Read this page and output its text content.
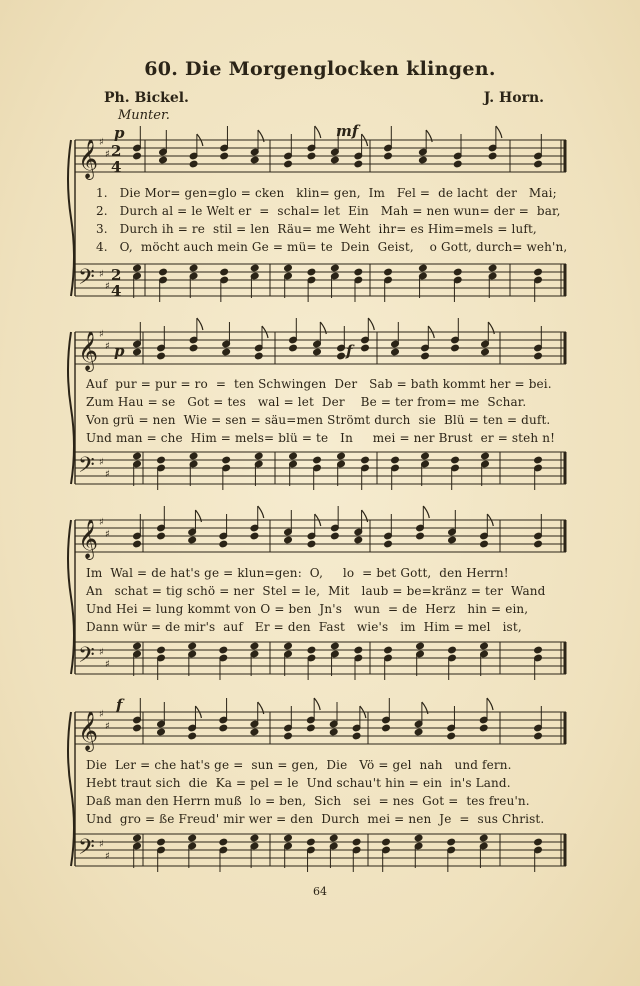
60. Die Morgenglocken klingen.
Ph. Bickel.	J. Horn.
Munter.
p	mf
p	f
f
1.   Die Mor= gen=glo = cken   klin= gen,  Im   Fel =  de lacht  der   Mai;
2.   Durch al = le Welt er  =  schal= let  Ein   Mah = nen wun= der =  bar,
3.   Durch ih = re  stil = len  Räu= me Weht  ihr= es Him=mels = luft,
4.   O,  möcht auch mein Ge = mü= te  Dein  Geist,    o Gott, durch= weh'n,
Auf  pur = pur = ro  =  ten Schwingen  Der   Sab = bath kommt her = bei.
Zum Hau = se   Got = tes   wal = let  Der    Be = ter from= me  Schar.
Von grü = nen  Wie = sen = säu=men Strömt durch  sie  Blü = ten = duft.
Und man = che  Him = mels= blü = te   In     mei = ner Brust  er = steh n!
Im  Wal = de hat's ge = klun=gen:  O,     lo  = bet Gott,  den Herrn!
An   schat = tig schö = ner  Stel = le,  Mit   laub = be=kränz = ter  Wand
Und Hei = lung kommt von O = ben  Jn's   wun  = de  Herz   hin = ein,
Dann wür = de mir's  auf   Er = den  Fast   wie's   im  Him = mel   ist,
Die  Ler = che hat's ge =  sun = gen,  Die   Vö = gel  nah   und fern.
Hebt traut sich  die  Ka = pel = le  Und schau't hin = ein  in's Land.
Daß man den Herrn muß  lo = ben,  Sich   sei  = nes  Got =  tes freu'n.
Und  gro = ße Freud' mir wer = den  Durch  mei = nen  Je  =  sus Christ.
64
𝄞
𝄢
♯
♯
♯
♯
2
4
2
4
𝄞
𝄢
♯
♯
♯
♯
𝄞
𝄢
♯
♯
♯
♯
𝄞
𝄢
♯
♯
♯
♯
